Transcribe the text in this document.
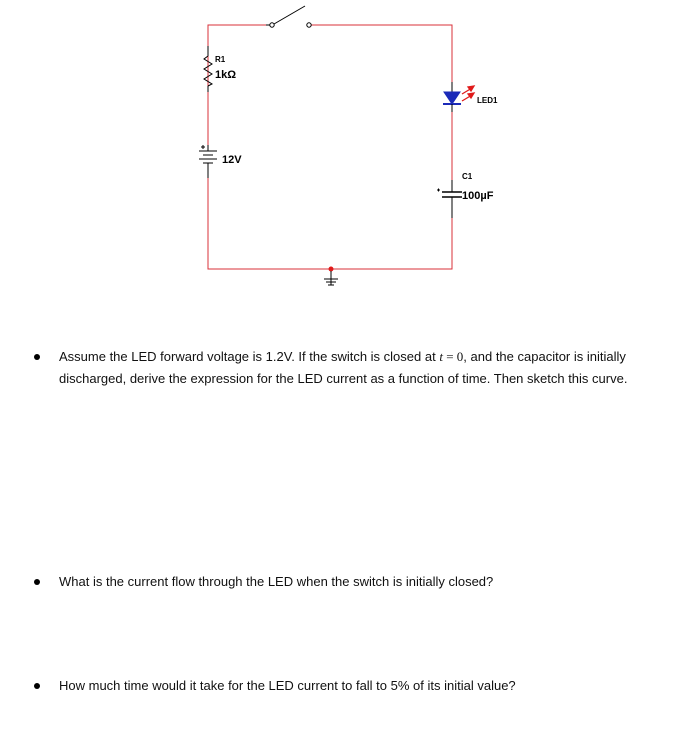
R1
1kΩ
12V
LED1
C1
100µF
Assume the LED forward voltage is 1.2V. If the switch is closed at t = 0, and the capacitor is initially
discharged, derive the expression for the LED current as a function of time. Then sketch this curve.
What is the current flow through the LED when the switch is initially closed?
How much time would it take for the LED current to fall to 5% of its initial value?
